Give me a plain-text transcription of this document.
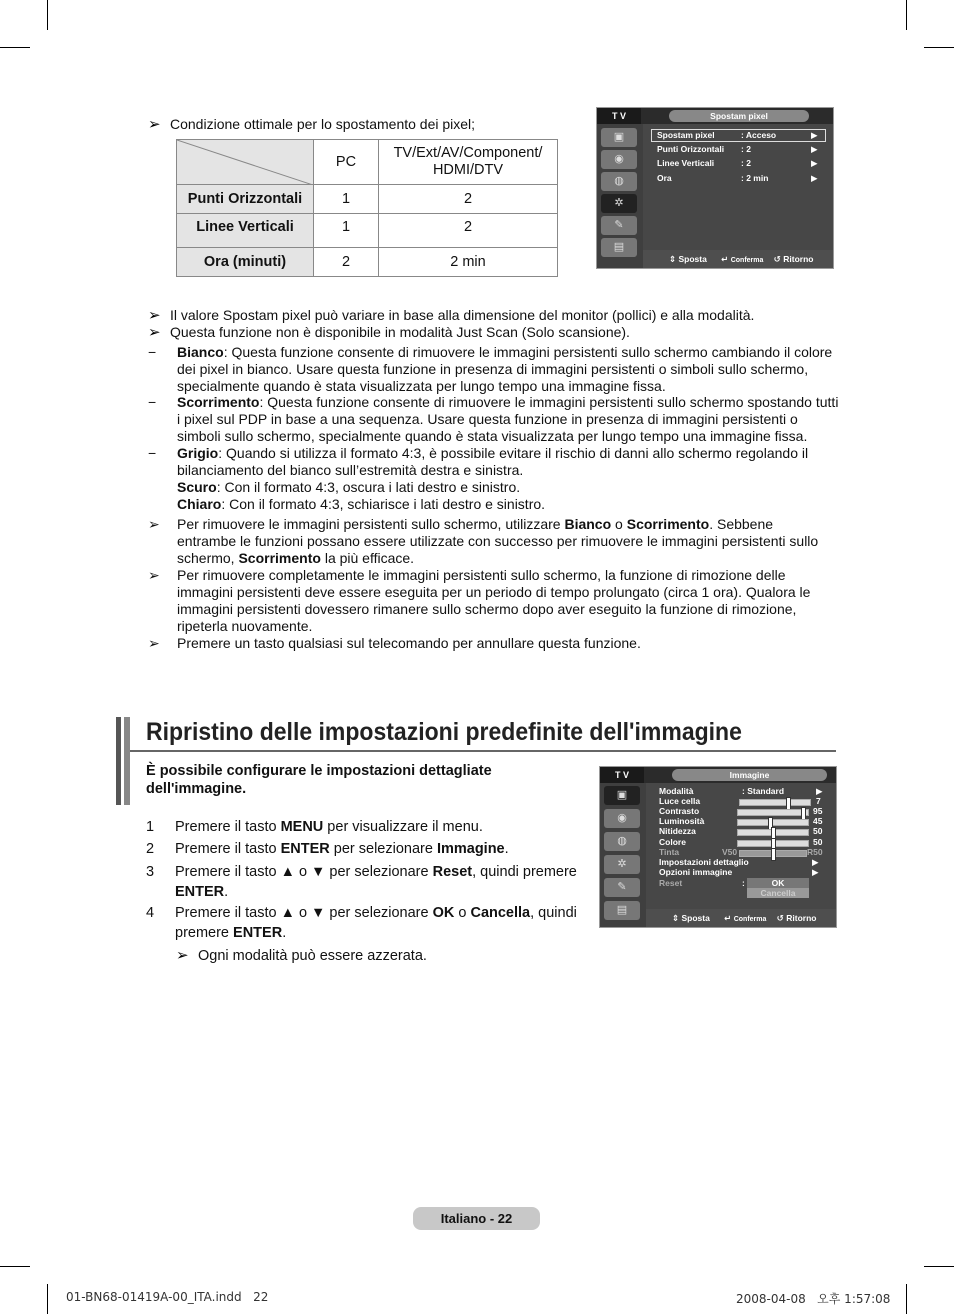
➢ Condizione ottimale per lo spostamento dei pixel;
	PC	TV/Ext/AV/Component/
HDMI/DTV
Punti Orizzontali	1	2
Linee Verticali	1	2
Ora (minuti)	2	2 min
T V	Spostam pixel
▣
◉
◍
✲
✎
▤
Spostam pixel	: Acceso	▶
Punti Orizzontali : 2	▶
Linee Verticali	: 2	▶
Ora	: 2 min	▶
⇕ Sposta ↵ Conferma ↺ Ritorno
➢ Il valore Spostam pixel può variare in base alla dimensione del monitor (pollici) e alla modalità.
➢ Questa funzione non è disponibile in modalità Just Scan (Solo scansione).
− Bianco: Questa funzione consente di rimuovere le immagini persistenti sullo schermo cambiando il colore dei pixel in bianco. Usare questa funzione in presenza di immagini persistenti o simboli sullo schermo, specialmente quando è stata visualizzata per lungo tempo una immagine fissa.
− Scorrimento: Questa funzione consente di rimuovere le immagini persistenti sullo schermo spostando tutti i pixel sul PDP in base a una sequenza. Usare questa funzione in presenza di immagini persistenti o simboli sullo schermo, specialmente quando è stata visualizzata per lungo tempo una immagine fissa.
− Grigio: Quando si utilizza il formato 4:3, è possibile evitare il rischio di danni allo schermo regolando il bilanciamento del bianco sull’estremità destra e sinistra.
Scuro: Con il formato 4:3, oscura i lati destro e sinistro.
Chiaro: Con il formato 4:3, schiarisce i lati destro e sinistro.
➢ Per rimuovere le immagini persistenti sullo schermo, utilizzare Bianco o Scorrimento. Sebbene entrambe le funzioni possano essere utilizzate con successo per rimuovere le immagini persistenti sullo schermo, Scorrimento la più efficace.
➢ Per rimuovere completamente le immagini persistenti sullo schermo, la funzione di rimozione delle immagini persistenti deve essere eseguita per un periodo di tempo prolungato (circa 1 ora). Qualora le immagini persistenti dovessero rimanere sullo schermo dopo aver eseguito la funzione di rimozione, ripeterla nuovamente.
➢ Premere un tasto qualsiasi sul telecomando per annullare questa funzione.
Ripristino delle impostazioni predefinite dell'immagine
È possibile configurare le impostazioni dettagliate dell'immagine.
1 Premere il tasto MENU per visualizzare il menu.
2 Premere il tasto ENTER per selezionare Immagine.
3 Premere il tasto ▲ o ▼ per selezionare Reset, quindi premere ENTER.
4 Premere il tasto ▲ o ▼ per selezionare OK o Cancella, quindi premere ENTER.
➢ Ogni modalità può essere azzerata.
T V	Immagine
▣
◉
◍
✲
✎
▤
Modalità	: Standard	▶
Luce cella	7
Contrasto	95
Luminosità	45
Nitidezza	50
Colore	50
Tinta	V50	R50
Impostazioni dettaglio	▶
Opzioni immagine	▶
Reset	:	OK
Cancella
⇕ Sposta ↵ Conferma ↺ Ritorno
Italiano - 22
01-BN68-01419A-00_ITA.indd   22	2008-04-08   오후 1:57:08
